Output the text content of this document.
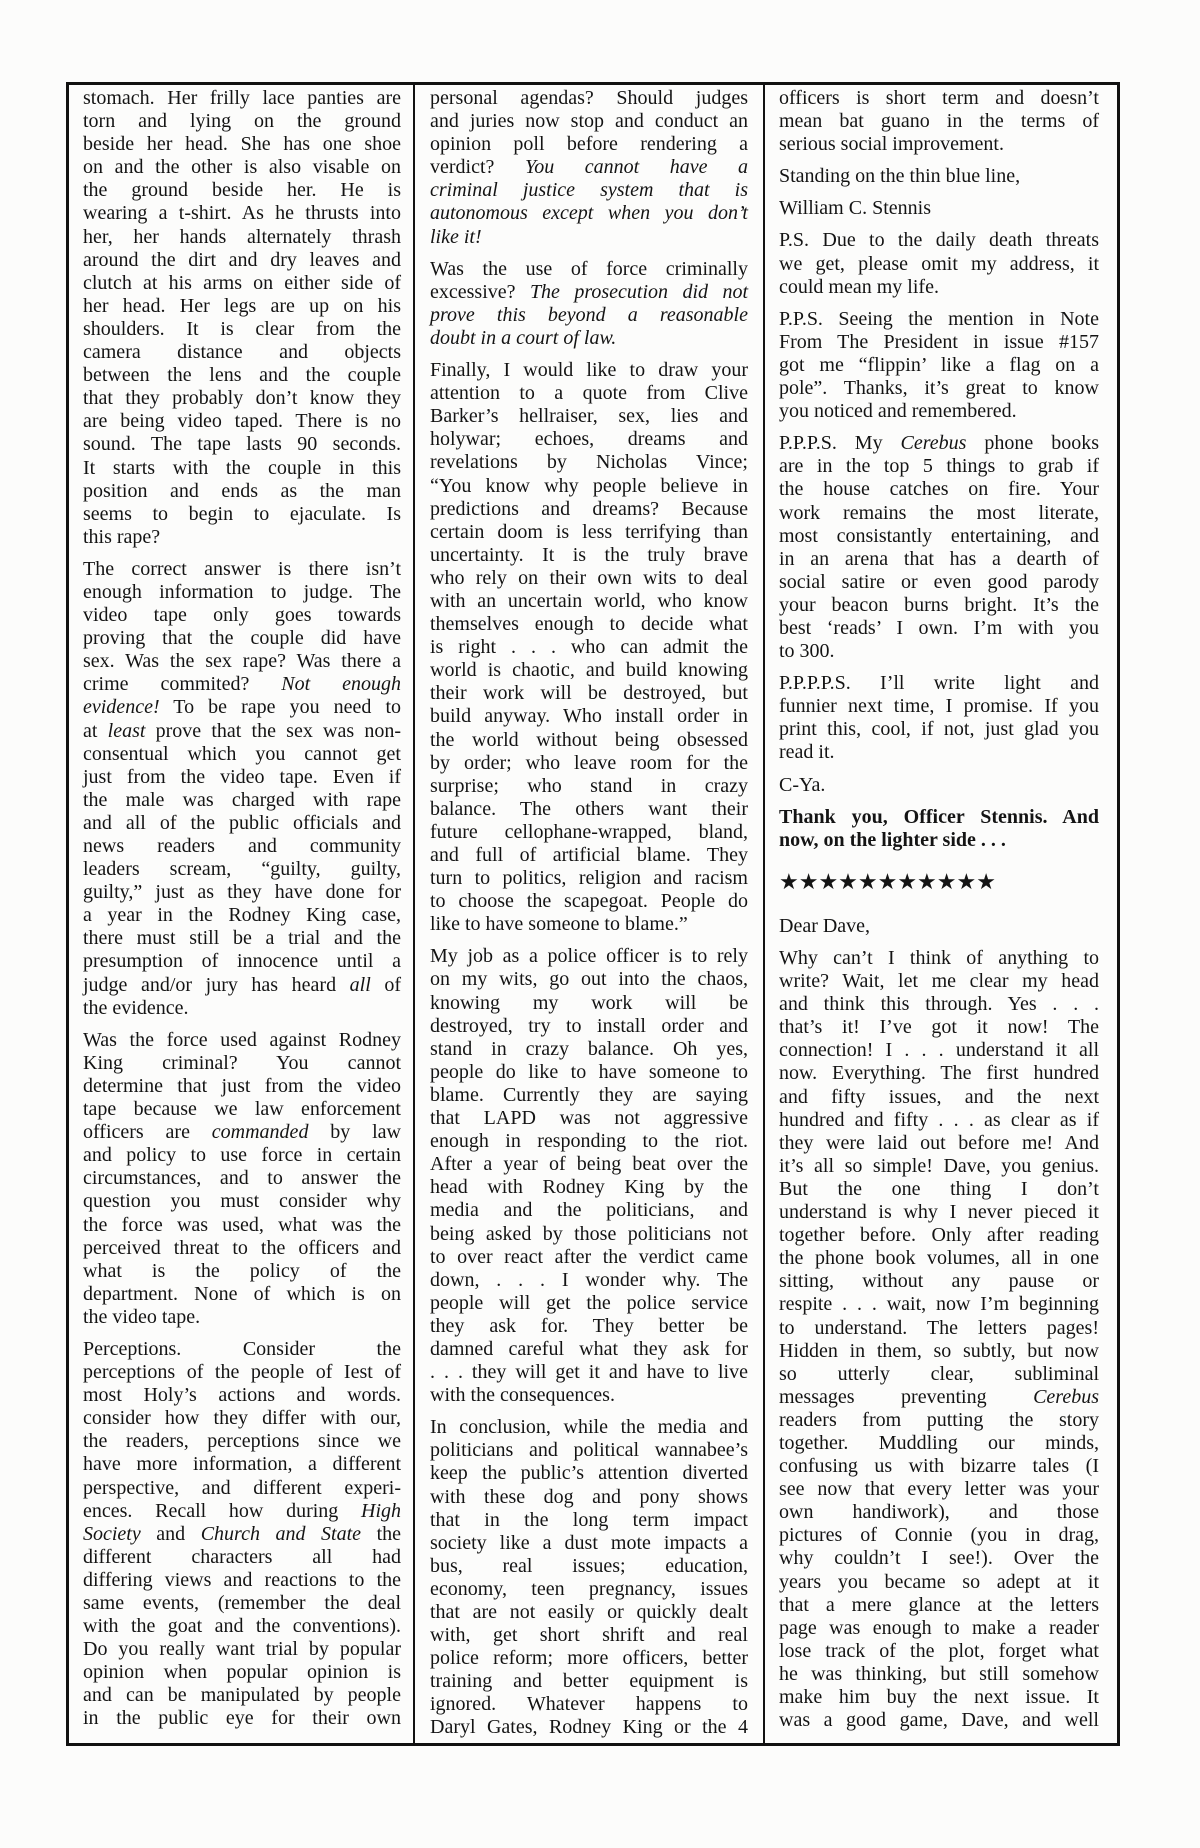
stomach. Her frilly lace panties are
torn and lying on the ground
beside her head. She has one shoe
on and the other is also visable on
the ground beside her. He is
wearing a t-shirt. As he thrusts into
her, her hands alternately thrash
around the dirt and dry leaves and
clutch at his arms on either side of
her head. Her legs are up on his
shoulders. It is clear from the
camera distance and objects
between the lens and the couple
that they probably don’t know they
are being video taped. There is no
sound. The tape lasts 90 seconds.
It starts with the couple in this
position and ends as the man
seems to begin to ejaculate. Is
this rape?
The correct answer is there isn’t
enough information to judge. The
video tape only goes towards
proving that the couple did have
sex. Was the sex rape? Was there a
crime commited? Not enough
evidence! To be rape you need to
at least prove that the sex was non-
consentual which you cannot get
just from the video tape. Even if
the male was charged with rape
and all of the public officials and
news readers and community
leaders scream, “guilty, guilty,
guilty,” just as they have done for
a year in the Rodney King case,
there must still be a trial and the
presumption of innocence until a
judge and/or jury has heard all of
the evidence.
Was the force used against Rodney
King criminal? You cannot
determine that just from the video
tape because we law enforcement
officers are commanded by law
and policy to use force in certain
circumstances, and to answer the
question you must consider why
the force was used, what was the
perceived threat to the officers and
what is the policy of the
department. None of which is on
the video tape.
Perceptions. Consider the
perceptions of the people of Iest of
most Holy’s actions and words.
consider how they differ with our,
the readers, perceptions since we
have more information, a different
perspective, and different experi-
ences. Recall how during High
Society and Church and State the
different characters all had
differing views and reactions to the
same events, (remember the deal
with the goat and the conventions).
Do you really want trial by popular
opinion when popular opinion is
and can be manipulated by people
in the public eye for their own
personal agendas? Should judges
and juries now stop and conduct an
opinion poll before rendering a
verdict? You cannot have a
criminal justice system that is
autonomous except when you don’t
like it!
Was the use of force criminally
excessive? The prosecution did not
prove this beyond a reasonable
doubt in a court of law.
Finally, I would like to draw your
attention to a quote from Clive
Barker’s hellraiser, sex, lies and
holywar; echoes, dreams and
revelations by Nicholas Vince;
“You know why people believe in
predictions and dreams? Because
certain doom is less terrifying than
uncertainty. It is the truly brave
who rely on their own wits to deal
with an uncertain world, who know
themselves enough to decide what
is right . . . who can admit the
world is chaotic, and build knowing
their work will be destroyed, but
build anyway. Who install order in
the world without being obsessed
by order; who leave room for the
surprise; who stand in crazy
balance. The others want their
future cellophane-wrapped, bland,
and full of artificial blame. They
turn to politics, religion and racism
to choose the scapegoat. People do
like to have someone to blame.”
My job as a police officer is to rely
on my wits, go out into the chaos,
knowing my work will be
destroyed, try to install order and
stand in crazy balance. Oh yes,
people do like to have someone to
blame. Currently they are saying
that LAPD was not aggressive
enough in responding to the riot.
After a year of being beat over the
head with Rodney King by the
media and the politicians, and
being asked by those politicians not
to over react after the verdict came
down, . . . I wonder why. The
people will get the police service
they ask for. They better be
damned careful what they ask for
. . . they will get it and have to live
with the consequences.
In conclusion, while the media and
politicians and political wannabee’s
keep the public’s attention diverted
with these dog and pony shows
that in the long term impact
society like a dust mote impacts a
bus, real issues; education,
economy, teen pregnancy, issues
that are not easily or quickly dealt
with, get short shrift and real
police reform; more officers, better
training and better equipment is
ignored. Whatever happens to
Daryl Gates, Rodney King or the 4
officers is short term and doesn’t
mean bat guano in the terms of
serious social improvement.
Standing on the thin blue line,
William C. Stennis
P.S. Due to the daily death threats
we get, please omit my address, it
could mean my life.
P.P.S. Seeing the mention in Note
From The President in issue #157
got me “flippin’ like a flag on a
pole”. Thanks, it’s great to know
you noticed and remembered.
P.P.P.S. My Cerebus phone books
are in the top 5 things to grab if
the house catches on fire. Your
work remains the most literate,
most consistantly entertaining, and
in an arena that has a dearth of
social satire or even good parody
your beacon burns bright. It’s the
best ‘reads’ I own. I’m with you
to 300.
P.P.P.P.S. I’ll write light and
funnier next time, I promise. If you
print this, cool, if not, just glad you
read it.
C-Ya.
Thank you, Officer Stennis. And
now, on the lighter side . . .
★★★★★★★★★★★
Dear Dave,
Why can’t I think of anything to
write? Wait, let me clear my head
and think this through. Yes . . .
that’s it! I’ve got it now! The
connection! I . . . understand it all
now. Everything. The first hundred
and fifty issues, and the next
hundred and fifty . . . as clear as if
they were laid out before me! And
it’s all so simple! Dave, you genius.
But the one thing I don’t
understand is why I never pieced it
together before. Only after reading
the phone book volumes, all in one
sitting, without any pause or
respite . . . wait, now I’m beginning
to understand. The letters pages!
Hidden in them, so subtly, but now
so utterly clear, subliminal
messages preventing Cerebus
readers from putting the story
together. Muddling our minds,
confusing us with bizarre tales (I
see now that every letter was your
own handiwork), and those
pictures of Connie (you in drag,
why couldn’t I see!). Over the
years you became so adept at it
that a mere glance at the letters
page was enough to make a reader
lose track of the plot, forget what
he was thinking, but still somehow
make him buy the next issue. It
was a good game, Dave, and well
